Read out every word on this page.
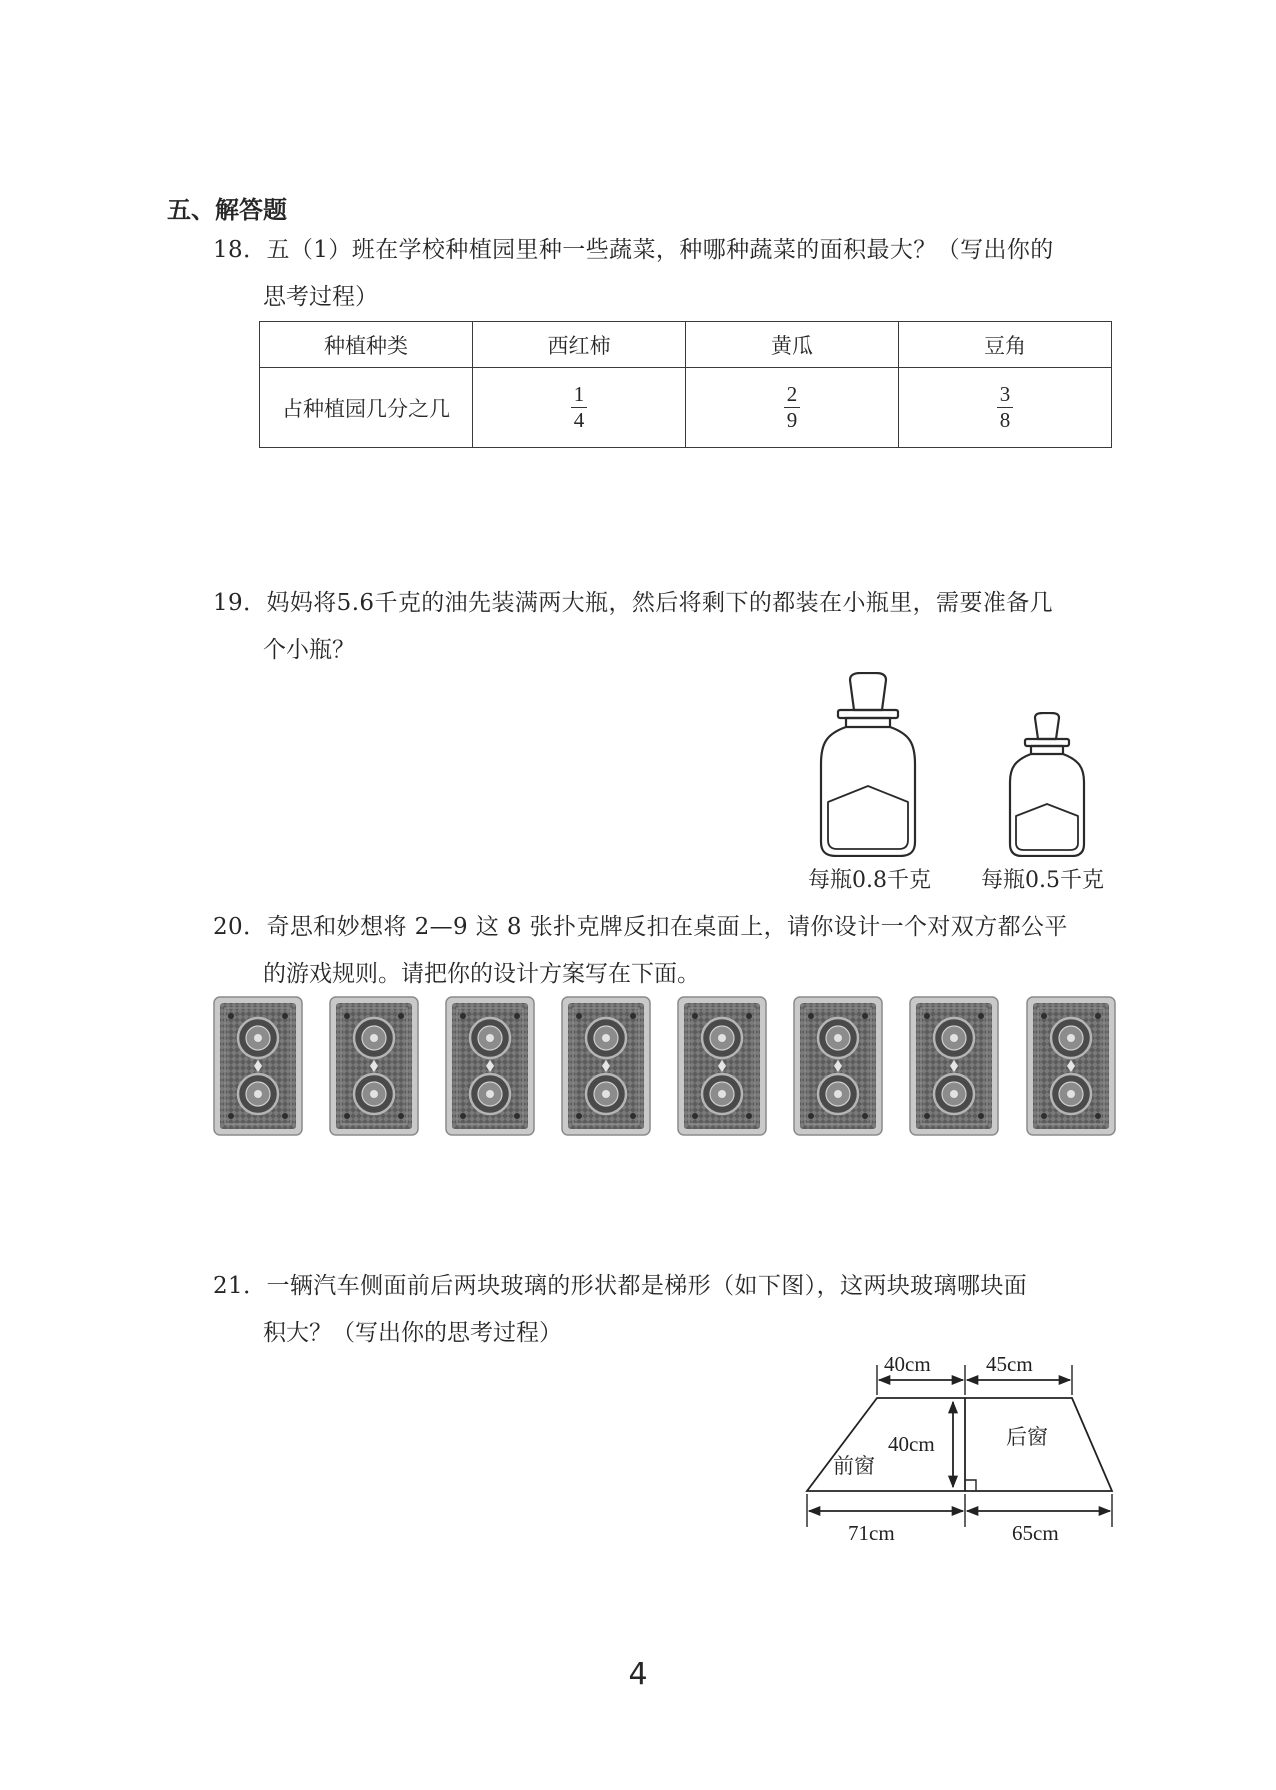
五、解答题
18．五（1）班在学校种植园里种一些蔬菜，种哪种蔬菜的面积最大？（写出你的
思考过程）
种植种类	西红柿	黄瓜	豆角
占种植园几分之几	$\frac{1}{4}$	$\frac{2}{9}$	$\frac{3}{8}$
19．妈妈将5.6千克的油先装满两大瓶，然后将剩下的都装在小瓶里，需要准备几
个小瓶？
每瓶0.8千克 每瓶0.5千克
20．奇思和妙想将 2—9 这 8 张扑克牌反扣在桌面上，请你设计一个对双方都公平
的游戏规则。请把你的设计方案写在下面。
21．一辆汽车侧面前后两块玻璃的形状都是梯形（如下图），这两块玻璃哪块面
积大？（写出你的思考过程）
40cm	45cm
40cm
71cm	65cm
前窗
后窗
4
